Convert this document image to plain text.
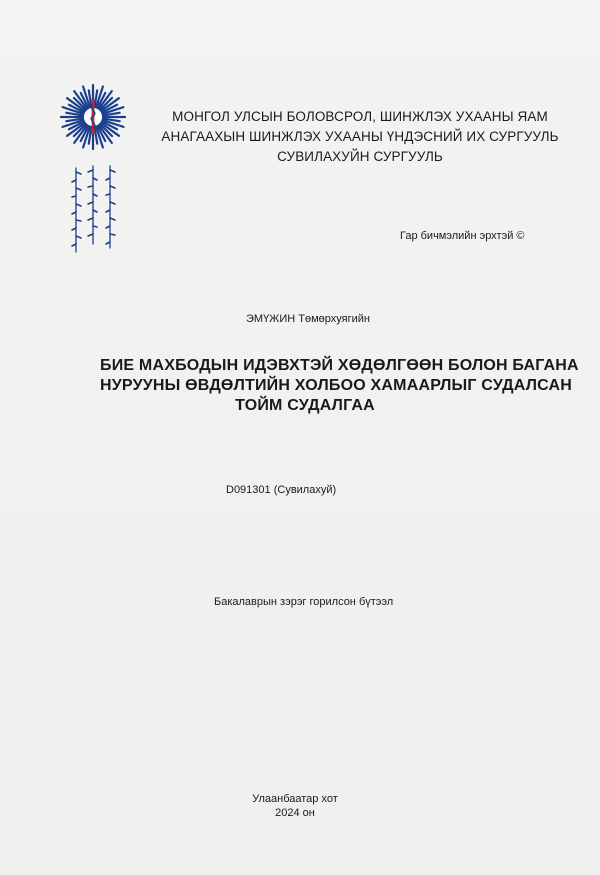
МОНГОЛ УЛСЫН БОЛОВСРОЛ, ШИНЖЛЭХ УХААНЫ ЯАМ
АНАГААХЫН ШИНЖЛЭХ УХААНЫ ҮНДЭСНИЙ ИХ СУРГУУЛЬ
СУВИЛАХУЙН СУРГУУЛЬ
Гар бичмэлийн эрхтэй ©
ЭМҮЖИН Төмөрхуягийн
БИЕ МАХБОДЫН ИДЭВХТЭЙ ХӨДӨЛГӨӨН БОЛОН БАГАНА
НУРУУНЫ ӨВДӨЛТИЙН ХОЛБОО ХАМААРЛЫГ СУДАЛСАН
ТОЙМ СУДАЛГАА
D091301 (Сувилахуй)
Бакалаврын зэрэг горилсон бүтээл
Улаанбаатар хот
2024 он
